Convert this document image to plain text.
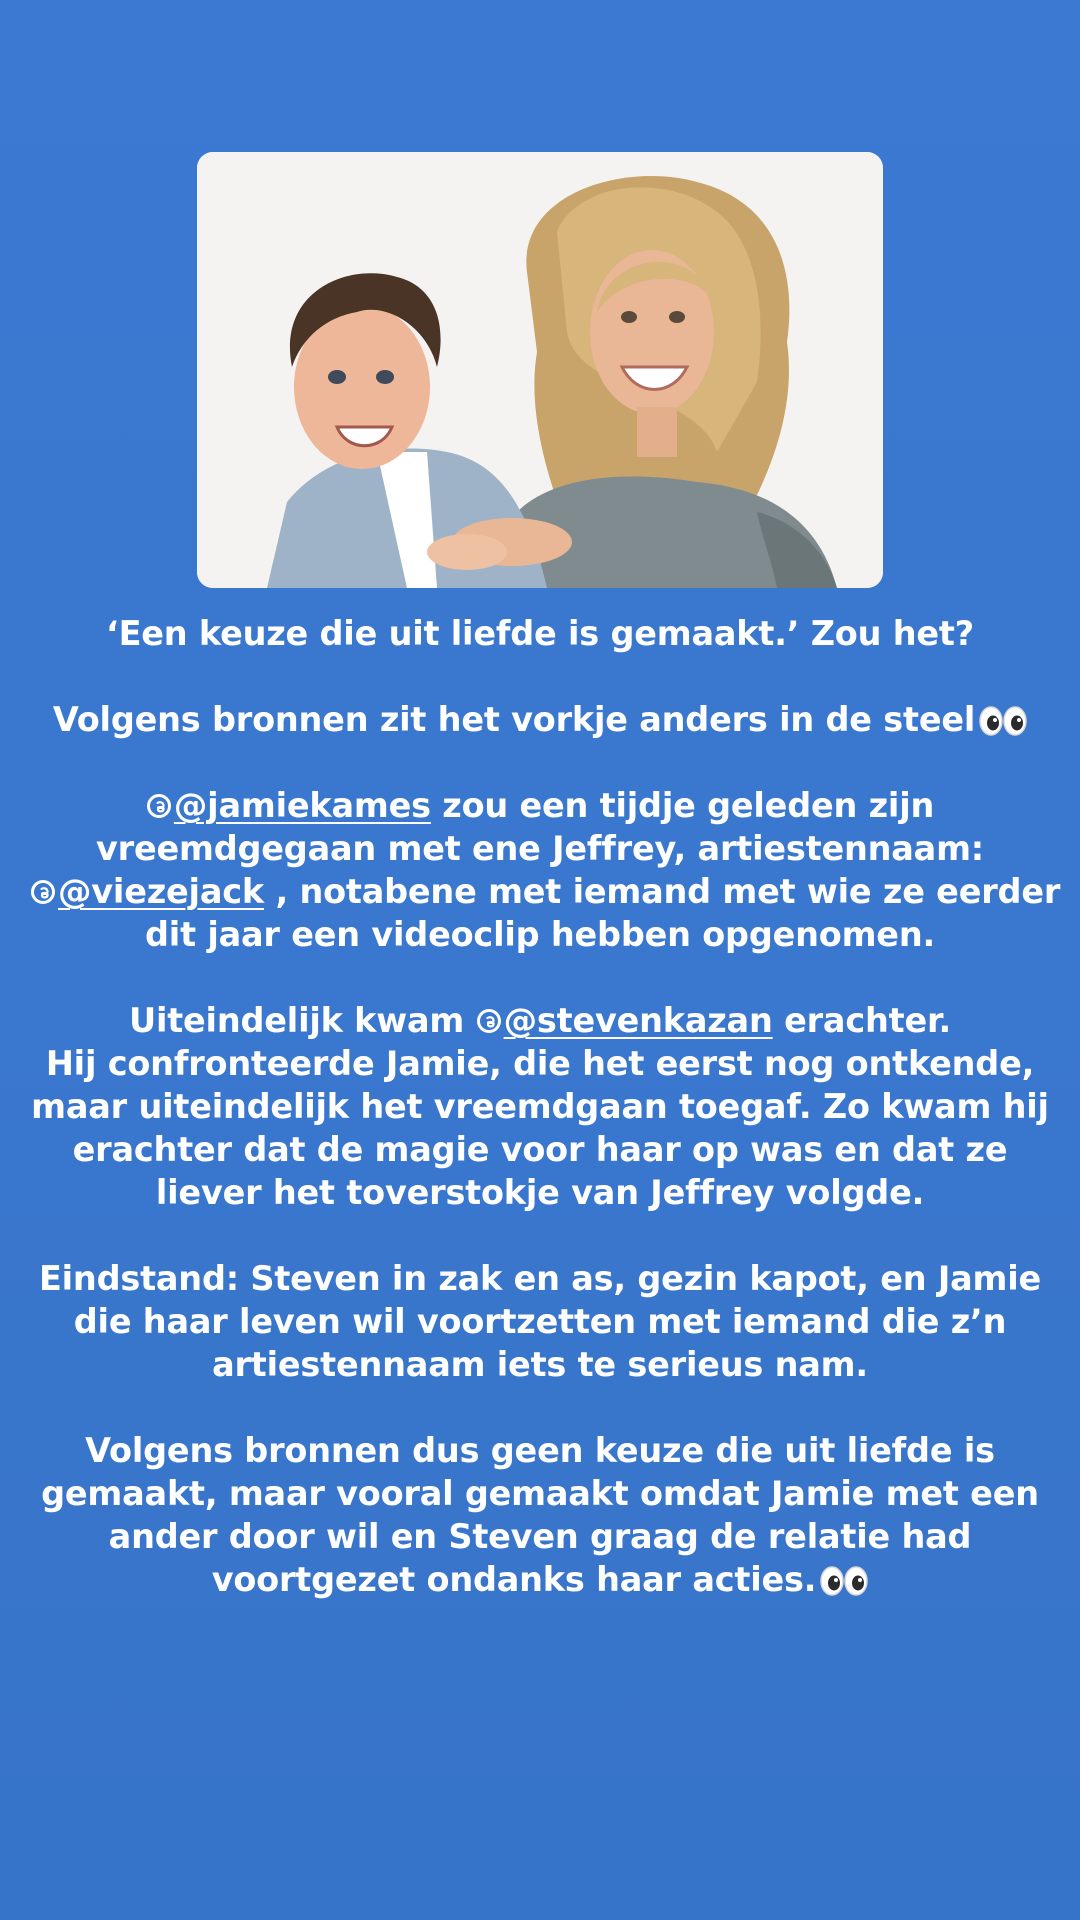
‘Een keuze die uit liefde is gemaakt.’ Zou het?
Volgens bronnen zit het vorkje anders in de steel
@jamiekames zou een tijdje geleden zijn
vreemdgegaan met ene Jeffrey, artiestennaam:
@viezejack , notabene met iemand met wie ze eerder
dit jaar een videoclip hebben opgenomen.
Uiteindelijk kwam @stevenkazan erachter.
Hij confronteerde Jamie, die het eerst nog ontkende,
maar uiteindelijk het vreemdgaan toegaf. Zo kwam hij
erachter dat de magie voor haar op was en dat ze
liever het toverstokje van Jeffrey volgde.
Eindstand: Steven in zak en as, gezin kapot, en Jamie
die haar leven wil voortzetten met iemand die z’n
artiestennaam iets te serieus nam.
Volgens bronnen dus geen keuze die uit liefde is
gemaakt, maar vooral gemaakt omdat Jamie met een
ander door wil en Steven graag de relatie had
voortgezet ondanks haar acties.
